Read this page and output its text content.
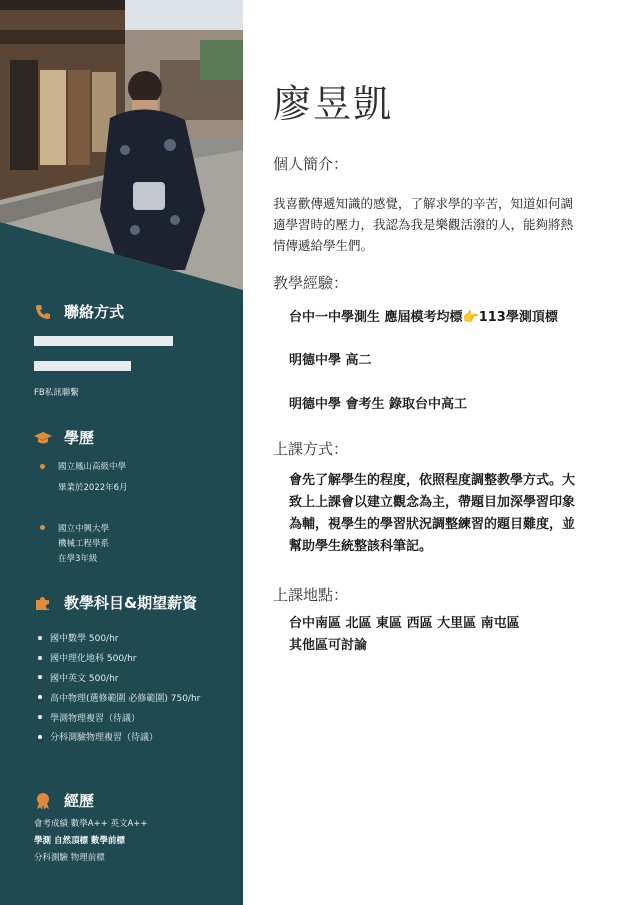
聯絡方式
FB私訊聯繫
學歷
國立鳳山高級中學
畢業於2022年6月
國立中興大學
機械工程學系
在學3年級
教學科目&期望薪資
國中數學 500/hr
國中理化地科 500/hr
國中英文 500/hr
高中物理(選修範圍 必修範圍) 750/hr
學測物理複習（待議）
分科測驗物理複習（待議）
經歷
會考成績 數學A++ 英文A++
學測 自然頂標 數學前標
分科測驗 物理前標
廖昱凱
個人簡介：
我喜歡傳遞知識的感覺，了解求學的辛苦，知道如何調
適學習時的壓力，我認為我是樂觀活潑的人，能夠將熱
情傳遞給學生們。
教學經驗：
台中一中學測生 應屆模考均標👉113學測頂標
明德中學 高二
明德中學 會考生 錄取台中高工
上課方式：
會先了解學生的程度，依照程度調整教學方式。大
致上上課會以建立觀念為主，帶題目加深學習印象
為輔，視學生的學習狀況調整練習的題目難度，並
幫助學生統整該科筆記。
上課地點：
台中南區 北區 東區 西區 大里區 南屯區
其他區可討論
